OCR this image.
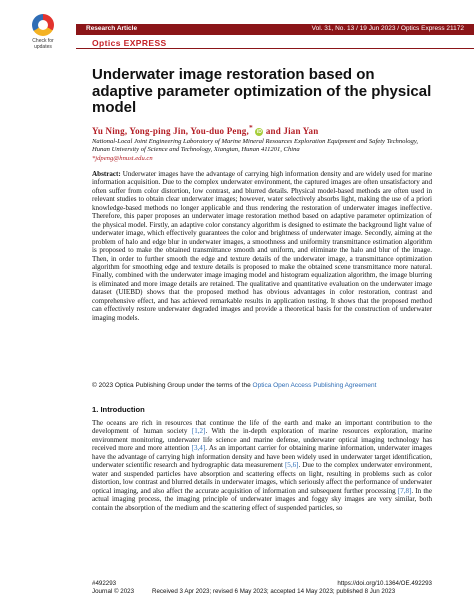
Check for
updates
Research Article	Vol. 31, No. 13 / 19 Jun 2023 / Optics Express 21172
Optics EXPRESS
Underwater image restoration based on adaptive parameter optimization of the physical model
Yu Ning, Yong-ping Jin, You-duo Peng,* iD and Jian Yan
National-Local Joint Engineering Laboratory of Marine Mineral Resources Exploration Equipment and Safety Technology, Hunan University of Science and Technology, Xiangtan, Hunan 411201, China
*jdpeng@hnust.edu.cn

Abstract: Underwater images have the advantage of carrying high information density and are widely used for marine information acquisition. Due to the complex underwater environment, the captured images are often unsatisfactory and often suffer from color distortion, low contrast, and blurred details. Physical model-based methods are often used in relevant studies to obtain clear underwater images; however, water selectively absorbs light, making the use of a priori knowledge-based methods no longer applicable and thus rendering the restoration of underwater images ineffective. Therefore, this paper proposes an underwater image restoration method based on adaptive parameter optimization of the physical model. Firstly, an adaptive color constancy algorithm is designed to estimate the background light value of underwater image, which effectively guarantees the color and brightness of underwater image. Secondly, aiming at the problem of halo and edge blur in underwater images, a smoothness and uniformity transmittance estimation algorithm is proposed to make the obtained transmittance smooth and uniform, and eliminate the halo and blur of the image. Then, in order to further smooth the edge and texture details of the underwater image, a transmittance optimization algorithm for smoothing edge and texture details is proposed to make the obtained scene transmittance more natural. Finally, combined with the underwater image imaging model and histogram equalization algorithm, the image blurring is eliminated and more image details are retained. The qualitative and quantitative evaluation on the underwater image dataset (UIEBD) shows that the proposed method has obvious advantages in color restoration, contrast and comprehensive effect, and has achieved remarkable results in application testing. It shows that the proposed method can effectively restore underwater degraded images and provide a theoretical basis for the construction of underwater imaging models.

© 2023 Optica Publishing Group under the terms of the Optica Open Access Publishing Agreement
1. Introduction

The oceans are rich in resources that continue the life of the earth and make an important contribution to the development of human society [1,2]. With the in-depth exploration of marine resources exploration, marine environment monitoring, underwater life science and marine defense, underwater optical imaging technology has received more and more attention [3,4]. As an important carrier for obtaining marine information, underwater images have the advantage of carrying high information density and have been widely used in underwater target identification, underwater scientific research and hydrographic data measurement [5,6]. Due to the complex underwater environment, water and suspended particles have absorption and scattering effects on light, resulting in problems such as color distortion, low contrast and blurred details in underwater images, which seriously affect the performance of underwater optical imaging, and also affect the accurate acquisition of information and subsequent further processing [7,8]. In the actual imaging process, the imaging principle of underwater images and foggy sky images are very similar, both contain the absorption of the medium and the scattering effect of suspended particles, so

#492293	https://doi.org/10.1364/OE.492293
Journal © 2023	Received 3 Apr 2023; revised 6 May 2023; accepted 14 May 2023; published 8 Jun 2023
